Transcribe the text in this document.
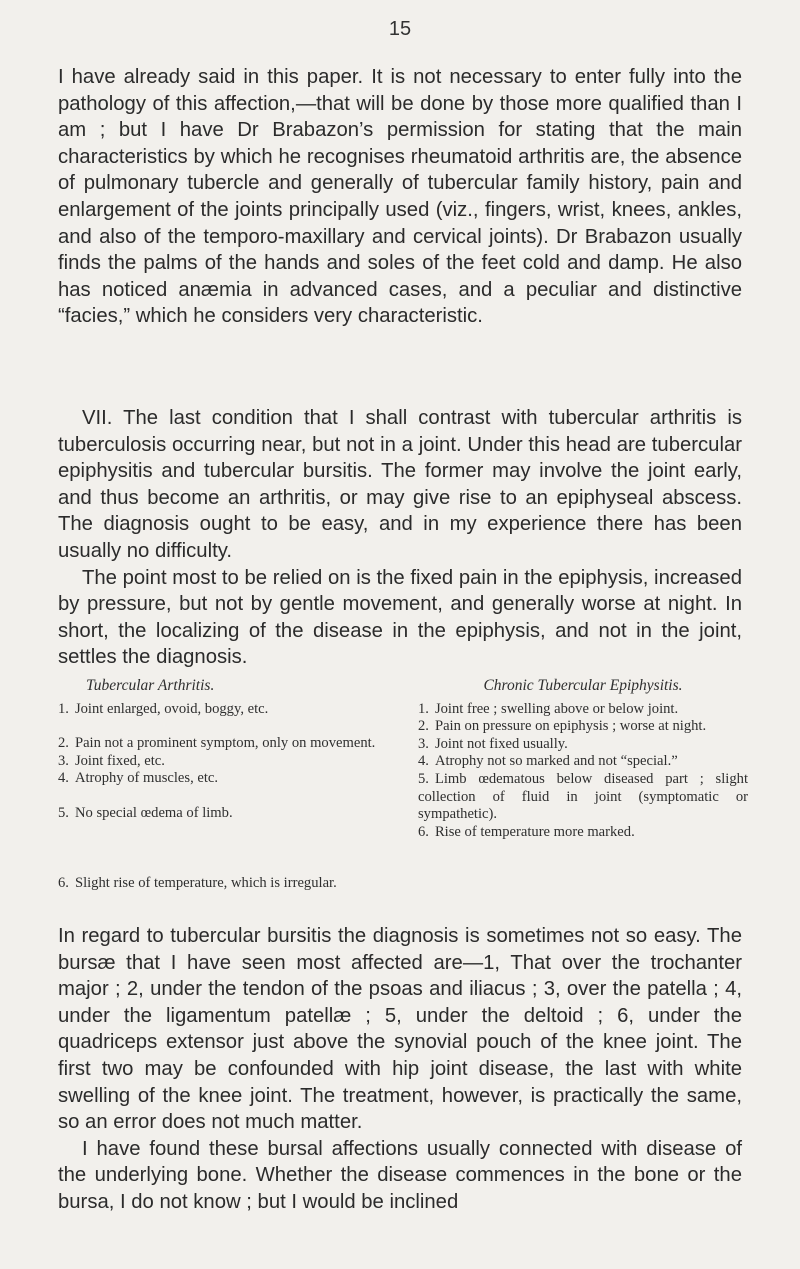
15

I have already said in this paper. It is not necessary to enter fully into the pathology of this affection,—that will be done by those more qualified than I am ; but I have Dr Brabazon’s permission for stating that the main characteristics by which he recognises rheumatoid arthritis are, the absence of pulmonary tubercle and generally of tubercular family history, pain and enlargement of the joints principally used (viz., fingers, wrist, knees, ankles, and also of the temporo-maxillary and cervical joints). Dr Brabazon usually finds the palms of the hands and soles of the feet cold and damp. He also has noticed anæmia in advanced cases, and a peculiar and distinctive “facies,” which he considers very characteristic.

VII. The last condition that I shall contrast with tubercular arthritis is tuberculosis occurring near, but not in a joint. Under this head are tubercular epiphysitis and tubercular bursitis. The former may involve the joint early, and thus become an arthritis, or may give rise to an epiphyseal abscess. The diagnosis ought to be easy, and in my experience there has been usually no difficulty.

The point most to be relied on is the fixed pain in the epiphysis, increased by pressure, but not by gentle movement, and generally worse at night. In short, the localizing of the disease in the epiphysis, and not in the joint, settles the diagnosis.

Tubercular Arthritis.
1. Joint enlarged, ovoid, boggy, etc.
2. Pain not a prominent symptom, only on movement.
3. Joint fixed, etc.
4. Atrophy of muscles, etc.
5. No special œdema of limb.
6. Slight rise of temperature, which is irregular.
Chronic Tubercular Epiphysitis.
1. Joint free ; swelling above or below joint.
2. Pain on pressure on epiphysis ; worse at night.
3. Joint not fixed usually.
4. Atrophy not so marked and not “special.”
5. Limb œdematous below diseased part ; slight collection of fluid in joint (symptomatic or sympathetic).
6. Rise of temperature more marked.

In regard to tubercular bursitis the diagnosis is sometimes not so easy. The bursæ that I have seen most affected are—1, That over the trochanter major ; 2, under the tendon of the psoas and iliacus ; 3, over the patella ; 4, under the ligamentum patellæ ; 5, under the deltoid ; 6, under the quadriceps extensor just above the synovial pouch of the knee joint. The first two may be confounded with hip joint disease, the last with white swelling of the knee joint. The treatment, however, is practically the same, so an error does not much matter.

I have found these bursal affections usually connected with disease of the underlying bone. Whether the disease commences in the bone or the bursa, I do not know ; but I would be inclined
